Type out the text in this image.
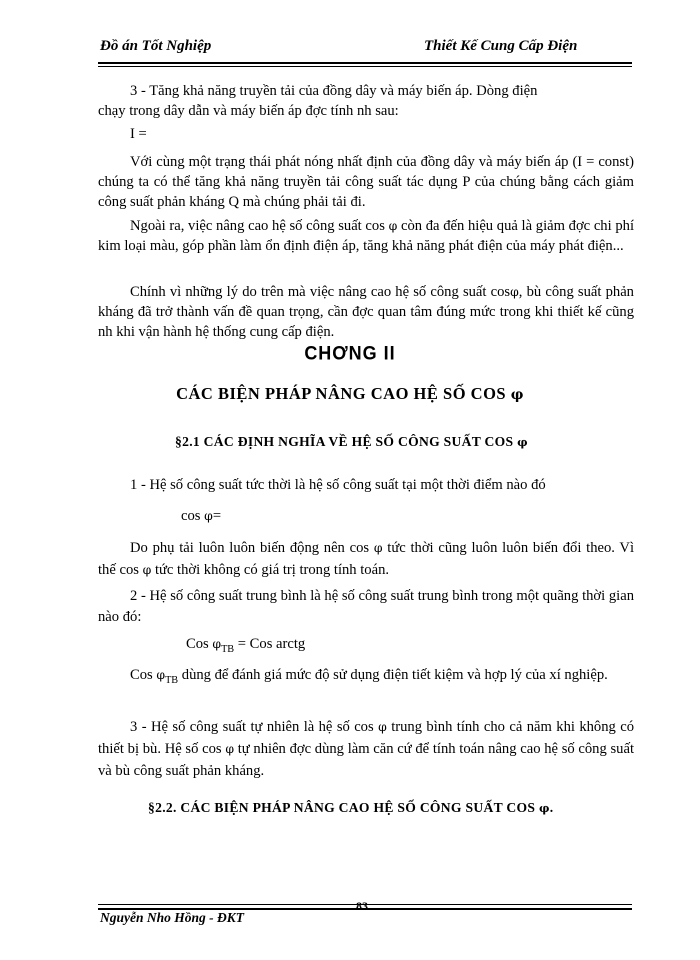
Đồ án Tốt Nghiệp	Thiết Kế Cung Cấp Điện
3 - Tăng khả năng truyền tải của đồng dây và máy biến áp. Dòng điện
chạy trong dây dẫn và máy biến áp đợc tính nh sau:
I =
Với cùng một trạng thái phát nóng nhất định của đồng dây và máy biến áp (I = const) chúng ta có thể tăng khả năng truyền tải công suất tác dụng P của chúng bằng cách giảm công suất phản kháng Q mà chúng phải tải đi.
Ngoài ra, việc nâng cao hệ số công suất cos φ còn đa đến hiệu quả là giảm đợc chi phí kim loại màu, góp phần làm ổn định điện áp, tăng khả năng phát điện của máy phát điện...
Chính vì những lý do trên mà việc nâng cao hệ số công suất cosφ, bù công suất phản kháng đã trở thành vấn đề quan trọng, cần đợc quan tâm đúng mức trong khi thiết kế cũng nh khi vận hành hệ thống cung cấp điện.
CHƠNG II
CÁC BIỆN PHÁP NÂNG CAO HỆ SỐ COS φ
§2.1 CÁC ĐỊNH NGHĨA VỀ HỆ SỐ CÔNG SUẤT COS φ
1 - Hệ số công suất tức thời là hệ số công suất tại một thời điểm nào đó
cos φ=
Do phụ tải luôn luôn biến động nên cos φ tức thời cũng luôn luôn biến đổi theo. Vì thế cos φ tức thời không có giá trị trong tính toán.
2 - Hệ số công suất trung bình là hệ số công suất trung bình trong một quãng thời gian nào đó:
Cos $\varphi_{TB}$ = Cos arctg
Cos $\varphi_{TB}$ dùng để đánh giá mức độ sử dụng điện tiết kiệm và hợp lý của xí nghiệp.
3 - Hệ số công suất tự nhiên là hệ số cos φ trung bình tính cho cả năm khi không có thiết bị bù. Hệ số cos φ tự nhiên đợc dùng làm căn cứ để tính toán nâng cao hệ số công suất và bù công suất phản kháng.
§2.2. CÁC BIỆN PHÁP NÂNG CAO HỆ SỐ CÔNG SUẤT COS φ.
83
Nguyễn Nho Hồng - ĐKT
